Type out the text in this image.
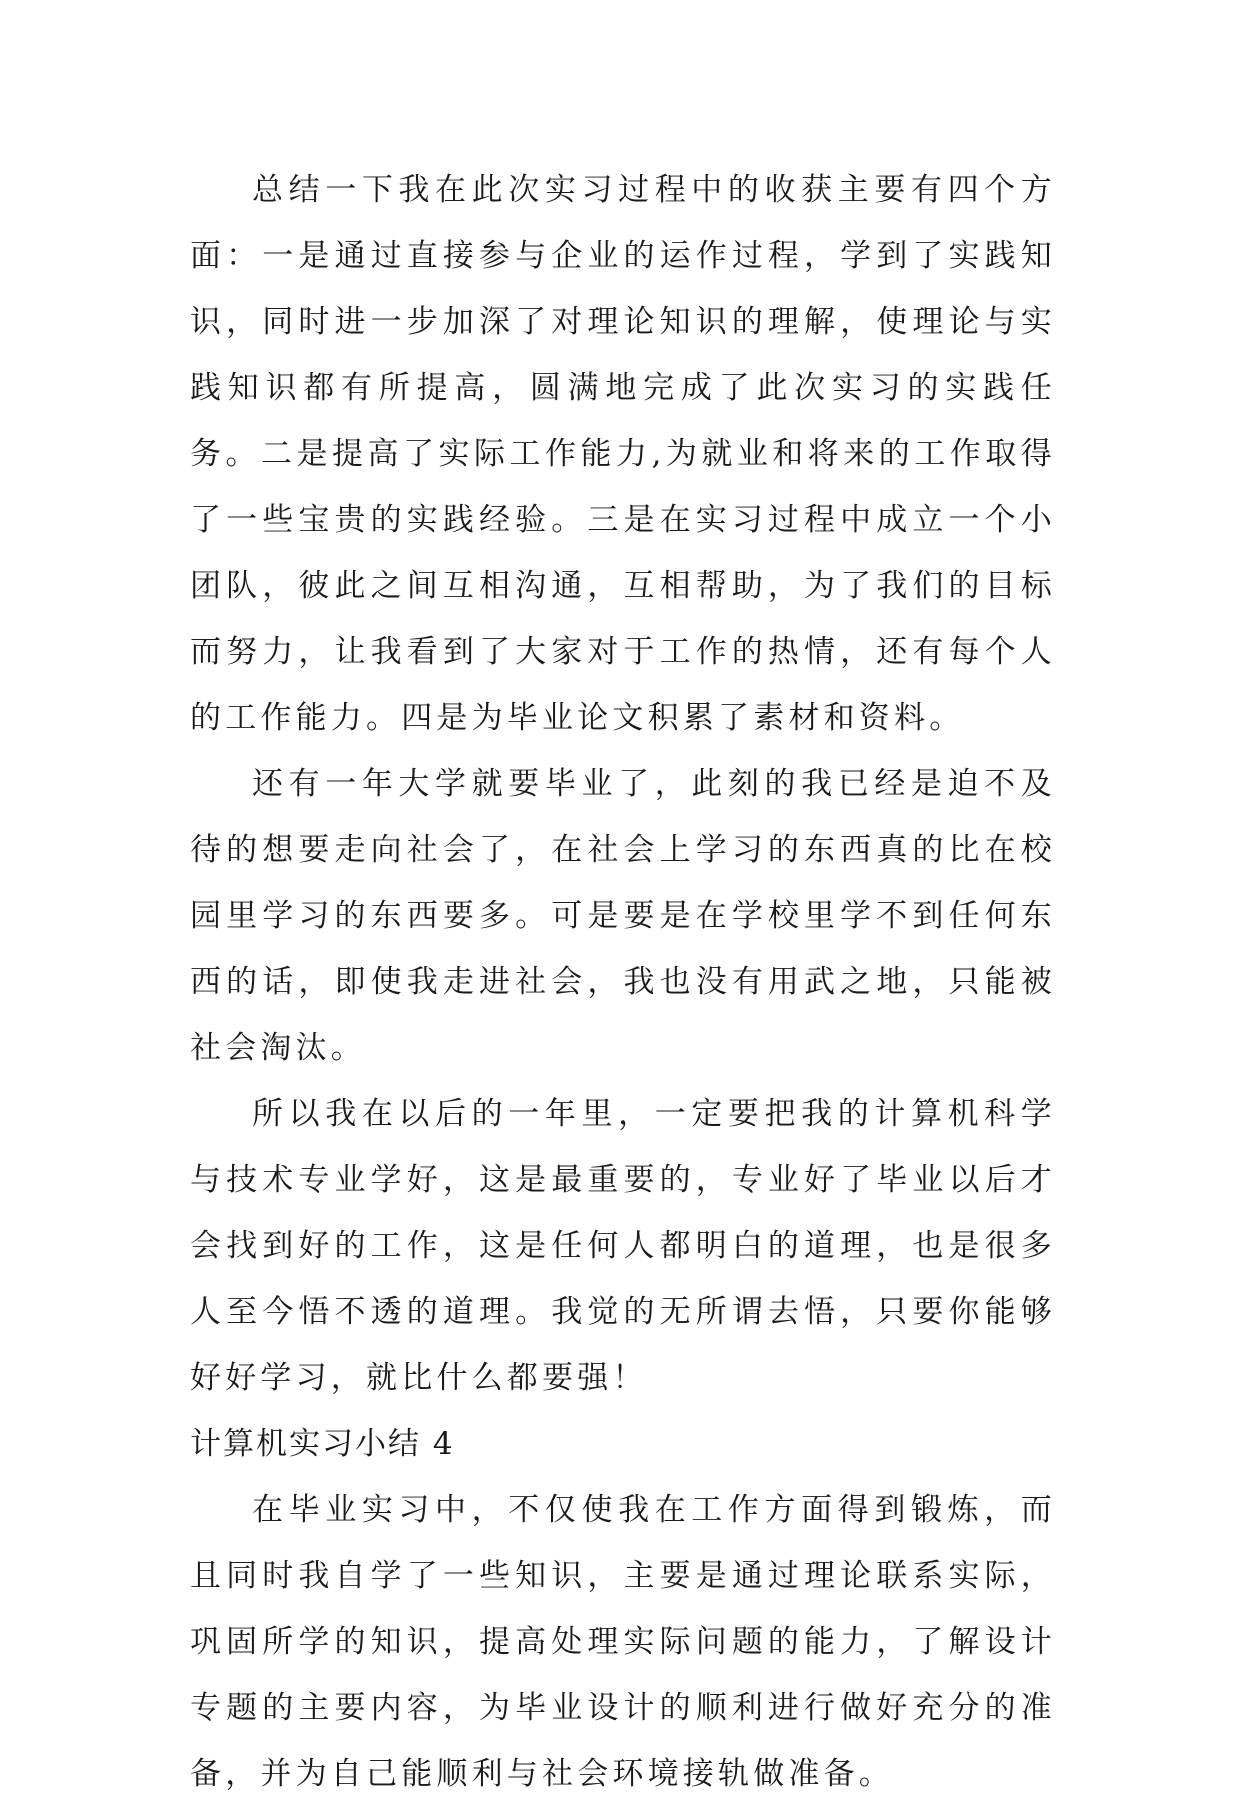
总结一下我在此次实习过程中的收获主要有四个方面：一是通过直接参与企业的运作过程，学到了实践知识，同时进一步加深了对理论知识的理解，使理论与实践知识都有所提高，圆满地完成了此次实习的实践任务。二是提高了实际工作能力,为就业和将来的工作取得了一些宝贵的实践经验。三是在实习过程中成立一个小团队，彼此之间互相沟通，互相帮助，为了我们的目标而努力，让我看到了大家对于工作的热情，还有每个人的工作能力。四是为毕业论文积累了素材和资料。

还有一年大学就要毕业了，此刻的我已经是迫不及待的想要走向社会了，在社会上学习的东西真的比在校园里学习的东西要多。可是要是在学校里学不到任何东西的话，即使我走进社会，我也没有用武之地，只能被社会淘汰。

所以我在以后的一年里，一定要把我的计算机科学与技术专业学好，这是最重要的，专业好了毕业以后才会找到好的工作，这是任何人都明白的道理，也是很多人至今悟不透的道理。我觉的无所谓去悟，只要你能够好好学习，就比什么都要强！

计算机实习小结 4

在毕业实习中，不仅使我在工作方面得到锻炼，而且同时我自学了一些知识，主要是通过理论联系实际，巩固所学的知识，提高处理实际问题的能力，了解设计专题的主要内容，为毕业设计的顺利进行做好充分的准备，并为自己能顺利与社会环境接轨做准备。
